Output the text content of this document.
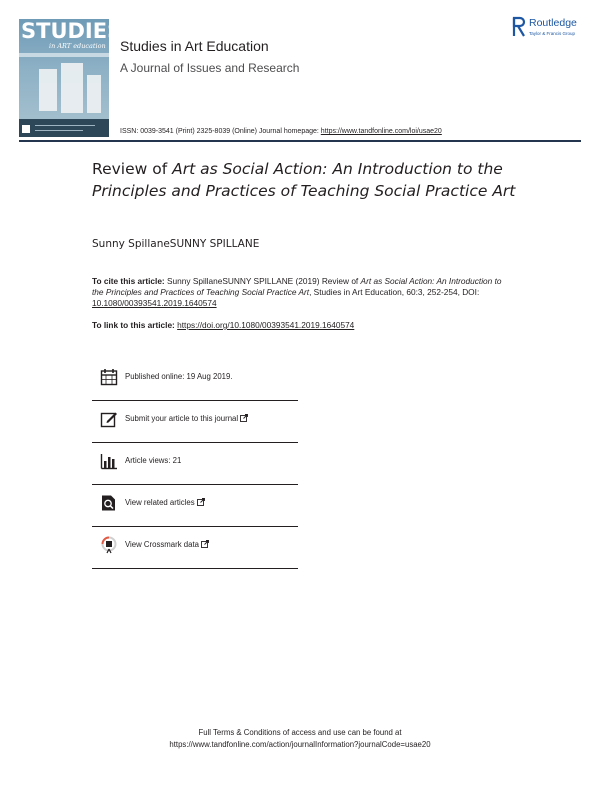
STUDIES
in ART education Studies in Art Education
A Journal of Issues and Research
ISSN: 0039-3541 (Print) 2325-8039 (Online) Journal homepage: https://www.tandfonline.com/loi/usae20
Routledge
Taylor & Francis Group
Review of Art as Social Action: An Introduction to the Principles and Practices of Teaching Social Practice Art
Sunny SpillaneSUNNY SPILLANE

To cite this article: Sunny SpillaneSUNNY SPILLANE (2019) Review of Art as Social Action: An Introduction to the Principles and Practices of Teaching Social Practice Art, Studies in Art Education, 60:3, 252-254, DOI: 10.1080/00393541.2019.1640574

To link to this article: https://doi.org/10.1080/00393541.2019.1640574

Published online: 19 Aug 2019.
Submit your article to this journal
Article views: 21
View related articles
View Crossmark data
Full Terms & Conditions of access and use can be found at
https://www.tandfonline.com/action/journalInformation?journalCode=usae20
